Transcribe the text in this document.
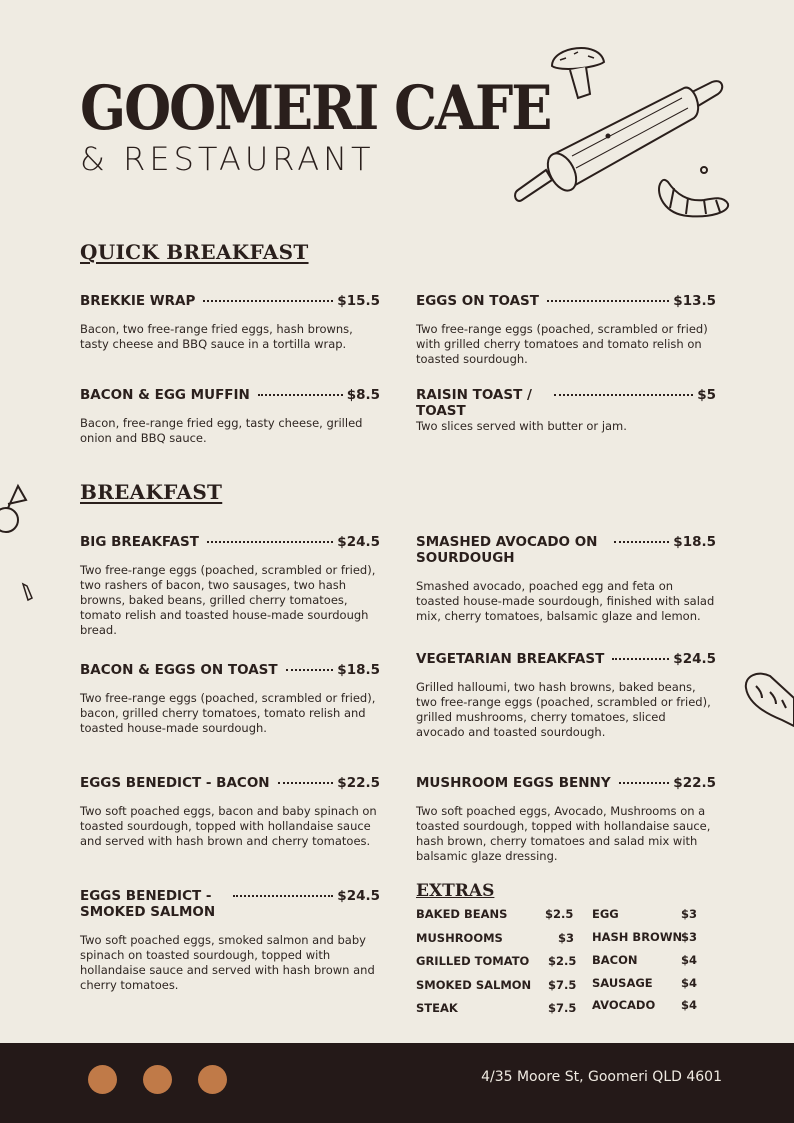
GOOMERI CAFE
& RESTAURANT
QUICK BREAKFAST
BREAKFAST
BREKKIE WRAP	$15.5
Bacon, two free-range fried eggs, hash browns, tasty cheese and BBQ sauce in a tortilla wrap.
EGGS ON TOAST	$13.5
Two free-range eggs (poached, scrambled or fried) with grilled cherry tomatoes and tomato relish on toasted sourdough.
BACON & EGG MUFFIN	$8.5
Bacon, free-range fried egg, tasty cheese, grilled onion and BBQ sauce.
RAISIN TOAST / TOAST
$5
Two slices served with butter or jam.
BIG BREAKFAST	$24.5
Two free-range eggs (poached, scrambled or fried), two rashers of bacon, two sausages, two hash browns, baked beans, grilled cherry tomatoes, tomato relish and toasted house-made sourdough bread.
SMASHED AVOCADO ON SOURDOUGH
$18.5
Smashed avocado, poached egg and feta on toasted house-made sourdough, finished with salad mix, cherry tomatoes, balsamic glaze and lemon.
BACON & EGGS ON TOAST	$18.5
Two free-range eggs (poached, scrambled or fried), bacon, grilled cherry tomatoes, tomato relish and toasted house-made sourdough.
VEGETARIAN BREAKFAST	$24.5
Grilled halloumi, two hash browns, baked beans, two free-range eggs (poached, scrambled or fried), grilled mushrooms, cherry tomatoes, sliced avocado and toasted sourdough.
EGGS BENEDICT - BACON	$22.5
Two soft poached eggs, bacon and baby spinach on toasted sourdough, topped with hollandaise sauce and served with hash brown and cherry tomatoes.
MUSHROOM EGGS BENNY	$22.5
Two soft poached eggs, Avocado, Mushrooms on a toasted sourdough, topped with hollandaise sauce, hash brown, cherry tomatoes and salad mix with balsamic glaze dressing.
EGGS BENEDICT - SMOKED SALMON
$24.5
Two soft poached eggs, smoked salmon and baby spinach on toasted sourdough, topped with hollandaise sauce and served with hash brown and cherry tomatoes.
EXTRAS
BAKED BEANS	$2.5
MUSHROOMS	$3
GRILLED TOMATO $2.5
SMOKED SALMON $7.5
STEAK	$7.5
EGG	$3
HASH BROWN
$3
BACON	$4
SAUSAGE $4
AVOCADO $4
4/35 Moore St, Goomeri QLD 4601
